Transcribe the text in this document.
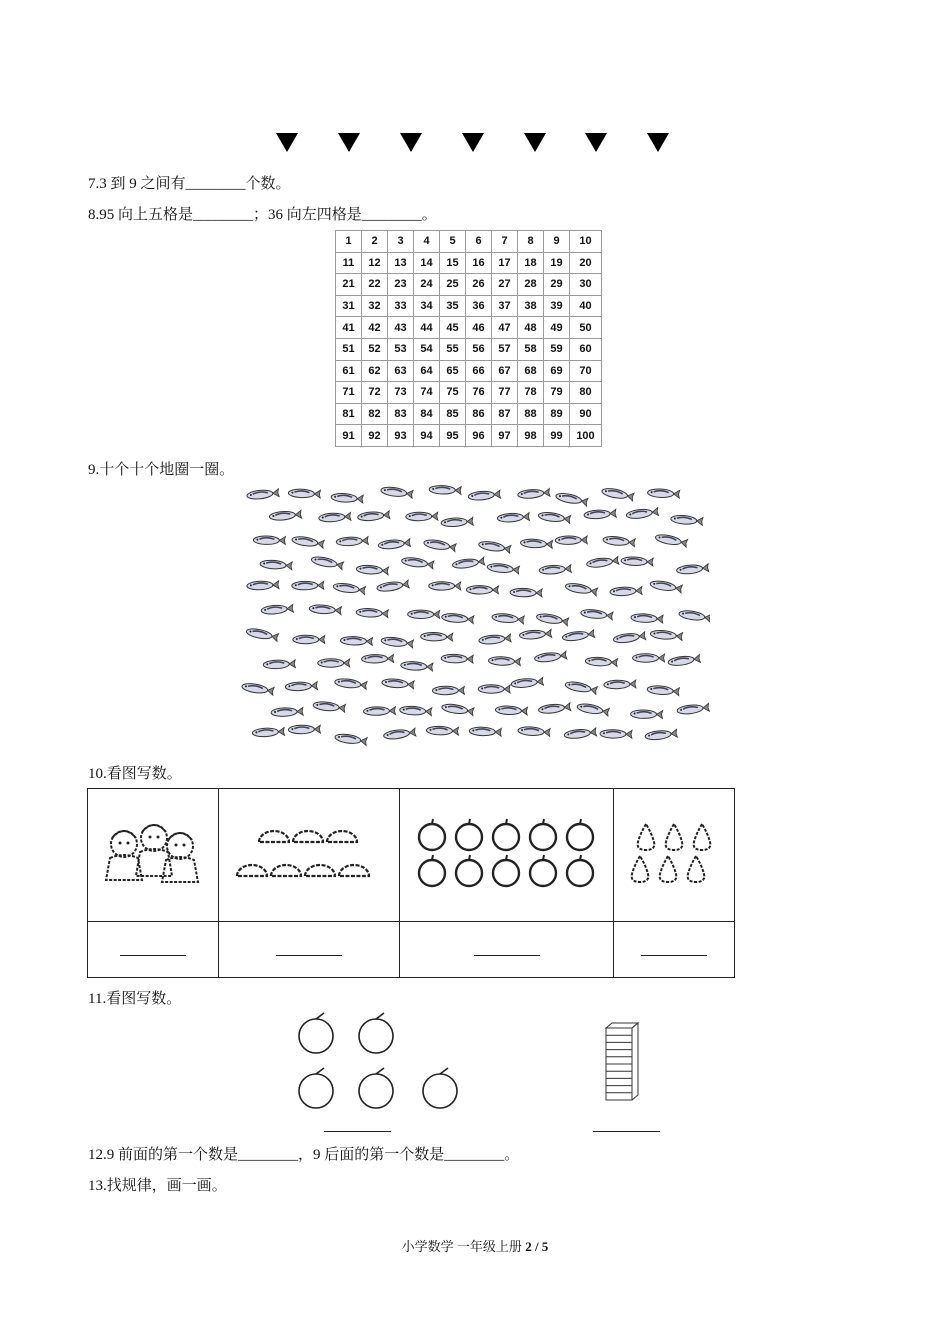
7.3 到 9 之间有________个数。
8.95 向上五格是________；36 向左四格是________。
1	2	3	4	5	6	7	8	9	10
11	12	13	14	15	16	17	18	19	20
21	22	23	24	25	26	27	28	29	30
31	32	33	34	35	36	37	38	39	40
41	42	43	44	45	46	47	48	49	50
51	52	53	54	55	56	57	58	59	60
61	62	63	64	65	66	67	68	69	70
71	72	73	74	75	76	77	78	79	80
81	82	83	84	85	86	87	88	89	90
91	92	93	94	95	96	97	98	99	100
9.十个十个地圈一圈。
10.看图写数。

11.看图写数。
12.9 前面的第一个数是________，9 后面的第一个数是________。
13.找规律，画一画。
小学数学 一年级上册 2 / 5
